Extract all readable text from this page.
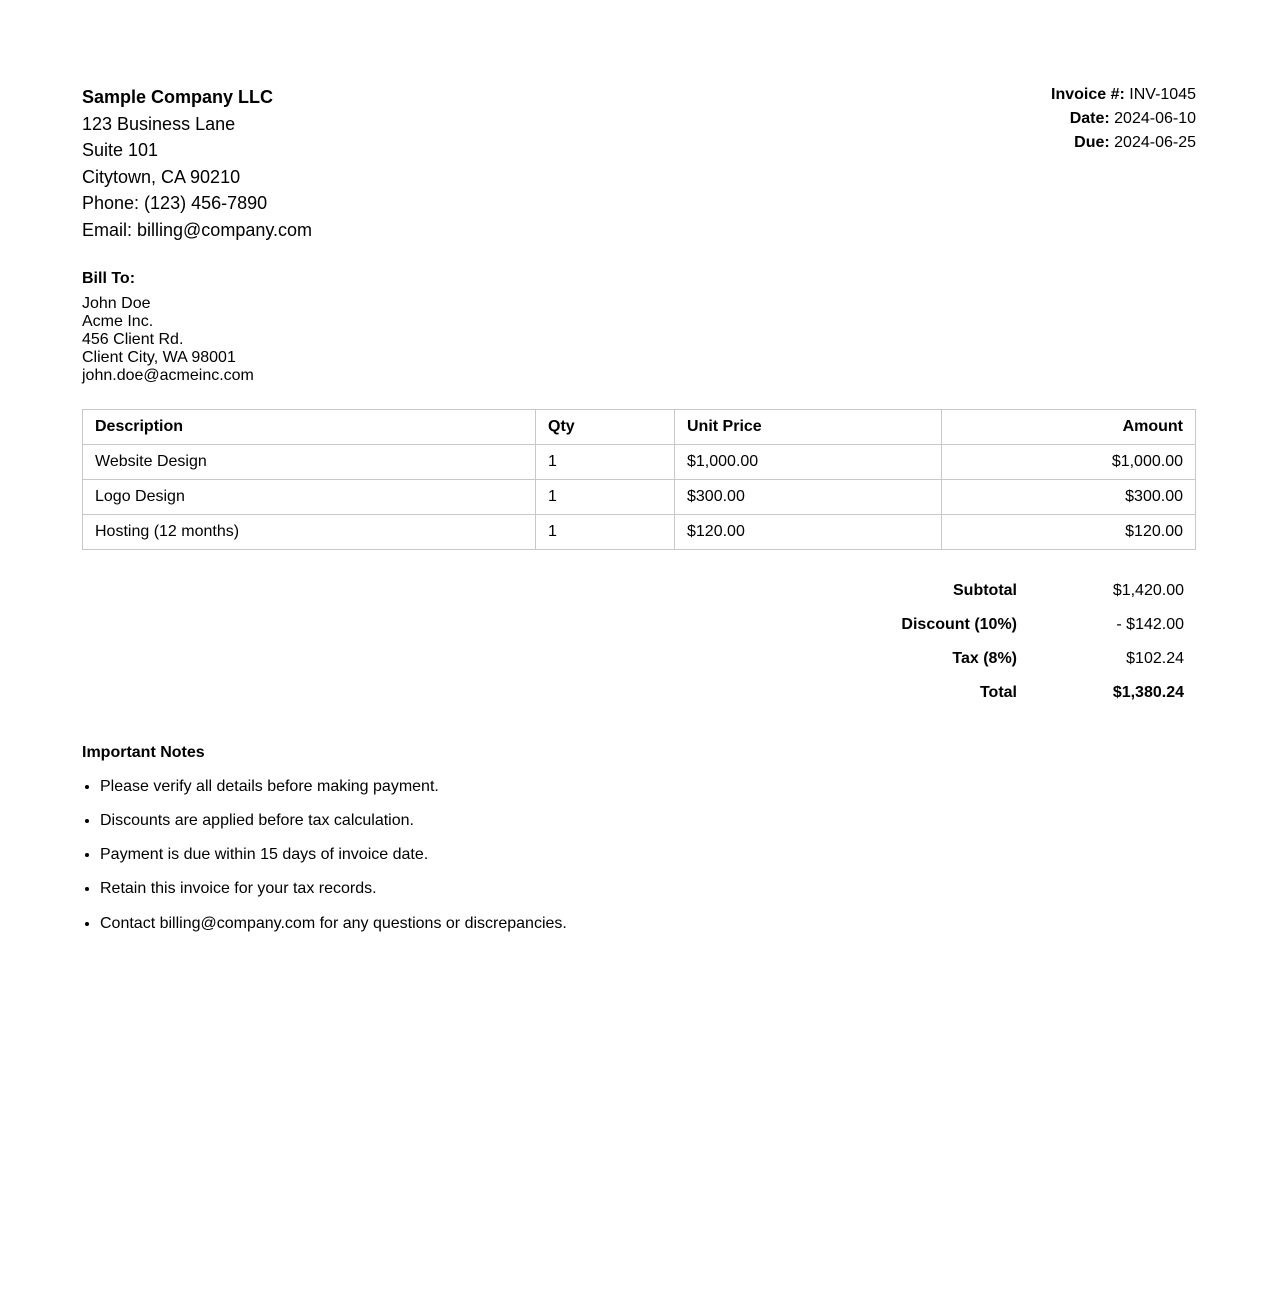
Sample Company LLC
123 Business Lane
Suite 101
Citytown, CA 90210
Phone: (123) 456-7890
Email: billing@company.com
Invoice #: INV-1045
Date: 2024-06-10
Due: 2024-06-25
Bill To:
John Doe
Acme Inc.
456 Client Rd.
Client City, WA 98001
john.doe@acmeinc.com
Description	Qty	Unit Price	Amount
Website Design	1	$1,000.00	$1,000.00
Logo Design	1	$300.00	$300.00
Hosting (12 months)	1	$120.00	$120.00
Subtotal	$1,420.00
Discount (10%)	- $142.00
Tax (8%)	$102.24
Total	$1,380.24
Important Notes
• Please verify all details before making payment.
• Discounts are applied before tax calculation.
• Payment is due within 15 days of invoice date.
• Retain this invoice for your tax records.
• Contact billing@company.com for any questions or discrepancies.
